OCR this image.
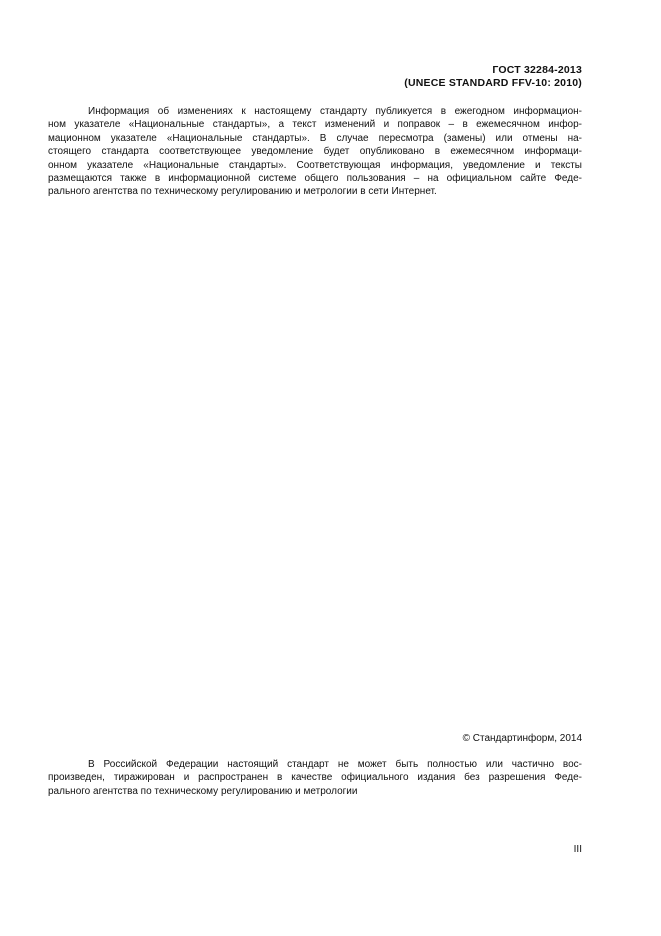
ГОСТ 32284-2013
(UNECE STANDARD FFV-10: 2010)

Информация об изменениях к настоящему стандарту публикуется в ежегодном информацион-
ном указателе «Национальные стандарты», а текст изменений и поправок – в ежемесячном инфор-
мационном указателе «Национальные стандарты». В случае пересмотра (замены) или отмены на-
стоящего стандарта соответствующее уведомление будет опубликовано в ежемесячном информаци-
онном указателе «Национальные стандарты». Соответствующая информация, уведомление и тексты
размещаются также в информационной системе общего пользования – на официальном сайте Феде-
рального агентства по техническому регулированию и метрологии в сети Интернет.

© Стандартинформ, 2014

В Российской Федерации настоящий стандарт не может быть полностью или частично вос-
произведен, тиражирован и распространен в качестве официального издания без разрешения Феде-
рального агентства по техническому регулированию и метрологии

III
